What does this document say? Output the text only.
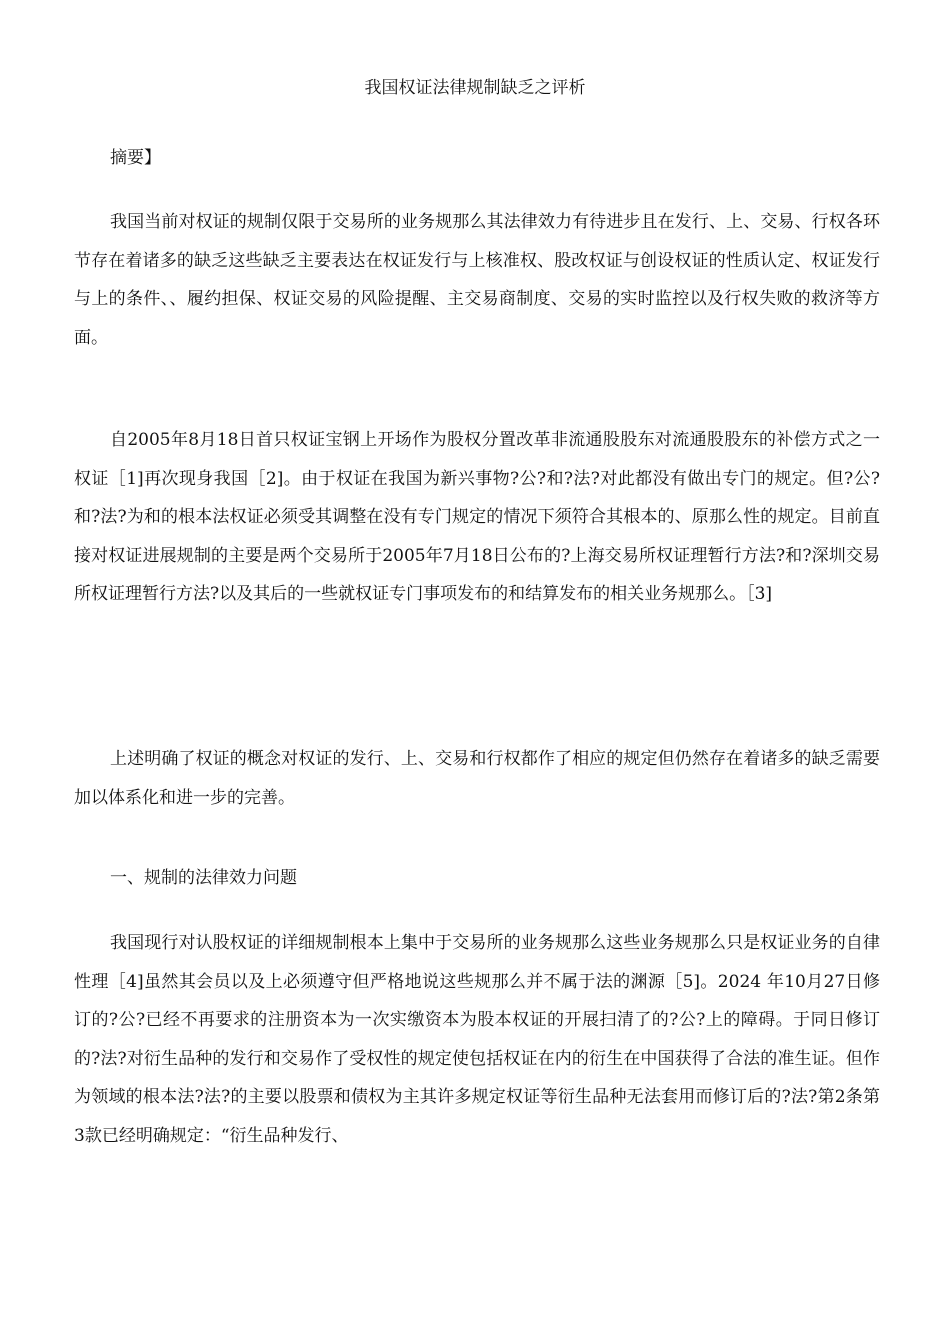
我国权证法律规制缺乏之评析
摘要】
我国当前对权证的规制仅限于交易所的业务规那么其法律效力有待进步且在发行、上、交易、行权各环节存在着诸多的缺乏这些缺乏主要表达在权证发行与上核准权、股改权证与创设权证的性质认定、权证发行与上的条件、、履约担保、权证交易的风险提醒、主交易商制度、交易的实时监控以及行权失败的救济等方面。
自2005年8月18日首只权证宝钢上开场作为股权分置改革非流通股股东对流通股股东的补偿方式之一权证［1]再次现身我国［2]。由于权证在我国为新兴事物?公?和?法?对此都没有做出专门的规定。但?公?和?法?为和的根本法权证必须受其调整在没有专门规定的情况下须符合其根本的、原那么性的规定。目前直接对权证进展规制的主要是两个交易所于2005年7月18日公布的?上海交易所权证理暂行方法?和?深圳交易所权证理暂行方法?以及其后的一些就权证专门事项发布的和结算发布的相关业务规那么。［3]
上述明确了权证的概念对权证的发行、上、交易和行权都作了相应的规定但仍然存在着诸多的缺乏需要加以体系化和进一步的完善。
一、规制的法律效力问题
我国现行对认股权证的详细规制根本上集中于交易所的业务规那么这些业务规那么只是权证业务的自律性理［4]虽然其会员以及上必须遵守但严格地说这些规那么并不属于法的渊源［5]。2024 年10月27日修订的?公?已经不再要求的注册资本为一次实缴资本为股本权证的开展扫清了的?公?上的障碍。于同日修订的?法?对衍生品种的发行和交易作了受权性的规定使包括权证在内的衍生在中国获得了合法的准生证。但作为领域的根本法?法?的主要以股票和债权为主其许多规定权证等衍生品种无法套用而修订后的?法?第2条第3款已经明确规定：“衍生品种发行、
